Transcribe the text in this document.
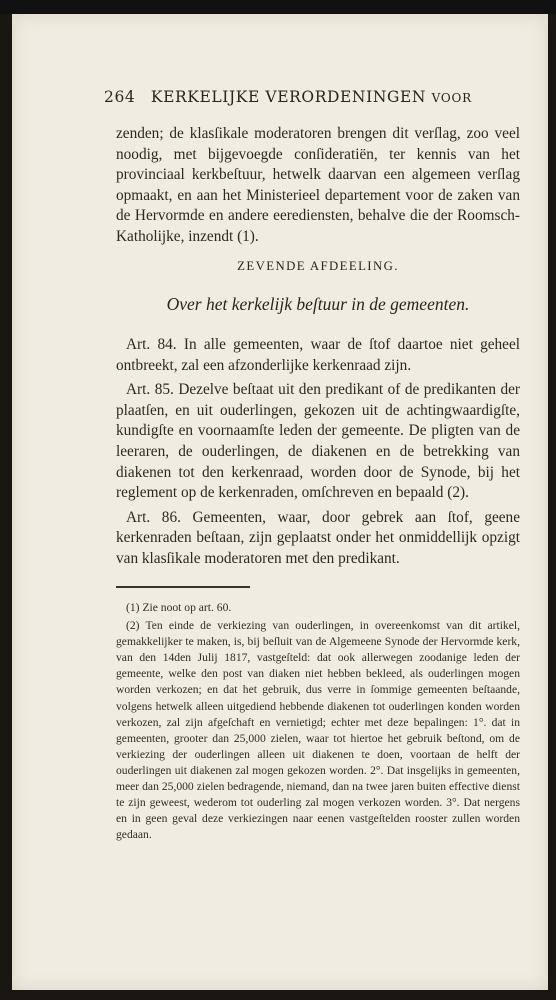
264 KERKELIJKE VERORDENINGEN VOOR

zenden; de klasſikale moderatoren brengen dit verſlag, zoo veel noodig, met bijgevoegde conſideratiën, ter kennis van het provinciaal kerkbeſtuur, hetwelk daarvan een algemeen verſlag opmaakt, en aan het Ministerieel departement voor de zaken van de Hervormde en andere eerediensten, behalve die der Roomsch-Katholijke, inzendt (1).

ZEVENDE AFDEELING.
Over het kerkelijk beſtuur in de gemeenten.

Art. 84. In alle gemeenten, waar de ſtof daartoe niet geheel ontbreekt, zal een afzonderlijke kerkenraad zijn.

Art. 85. Dezelve beſtaat uit den predikant of de predikanten der plaatſen, en uit ouderlingen, gekozen uit de achtingwaardigſte, kundigſte en voornaamſte leden der gemeente. De pligten van de leeraren, de ouderlingen, de diakenen en de betrekking van diakenen tot den kerkenraad, worden door de Synode, bij het reglement op de kerkenraden, omſchreven en bepaald (2).

Art. 86. Gemeenten, waar, door gebrek aan ſtof, geene kerkenraden beſtaan, zijn geplaatst onder het onmiddellijk opzigt van klasſikale moderatoren met den predikant.

(1) Zie noot op art. 60.

(2) Ten einde de verkiezing van ouderlingen, in overeenkomst van dit artikel, gemakkelijker te maken, is, bij beſluit van de Algemeene Synode der Hervormde kerk, van den 14den Julij 1817, vastgeſteld: dat ook allerwegen zoodanige leden der gemeente, welke den post van diaken niet hebben bekleed, als ouderlingen mogen worden verkozen; en dat het gebruik, dus verre in ſommige gemeenten beſtaande, volgens hetwelk alleen uitgediend hebbende diakenen tot ouderlingen konden worden verkozen, zal zijn afgeſchaft en vernietigd; echter met deze bepalingen: 1°. dat in gemeenten, grooter dan 25,000 zielen, waar tot hiertoe het gebruik beſtond, om de verkiezing der ouderlingen alleen uit diakenen te doen, voortaan de helft der ouderlingen uit diakenen zal mogen gekozen worden. 2°. Dat insgelijks in gemeenten, meer dan 25,000 zielen bedragende, niemand, dan na twee jaren buiten effective dienst te zijn geweest, wederom tot ouderling zal mogen verkozen worden. 3°. Dat nergens en in geen geval deze verkiezingen naar eenen vastgeſtelden rooster zullen worden gedaan.
